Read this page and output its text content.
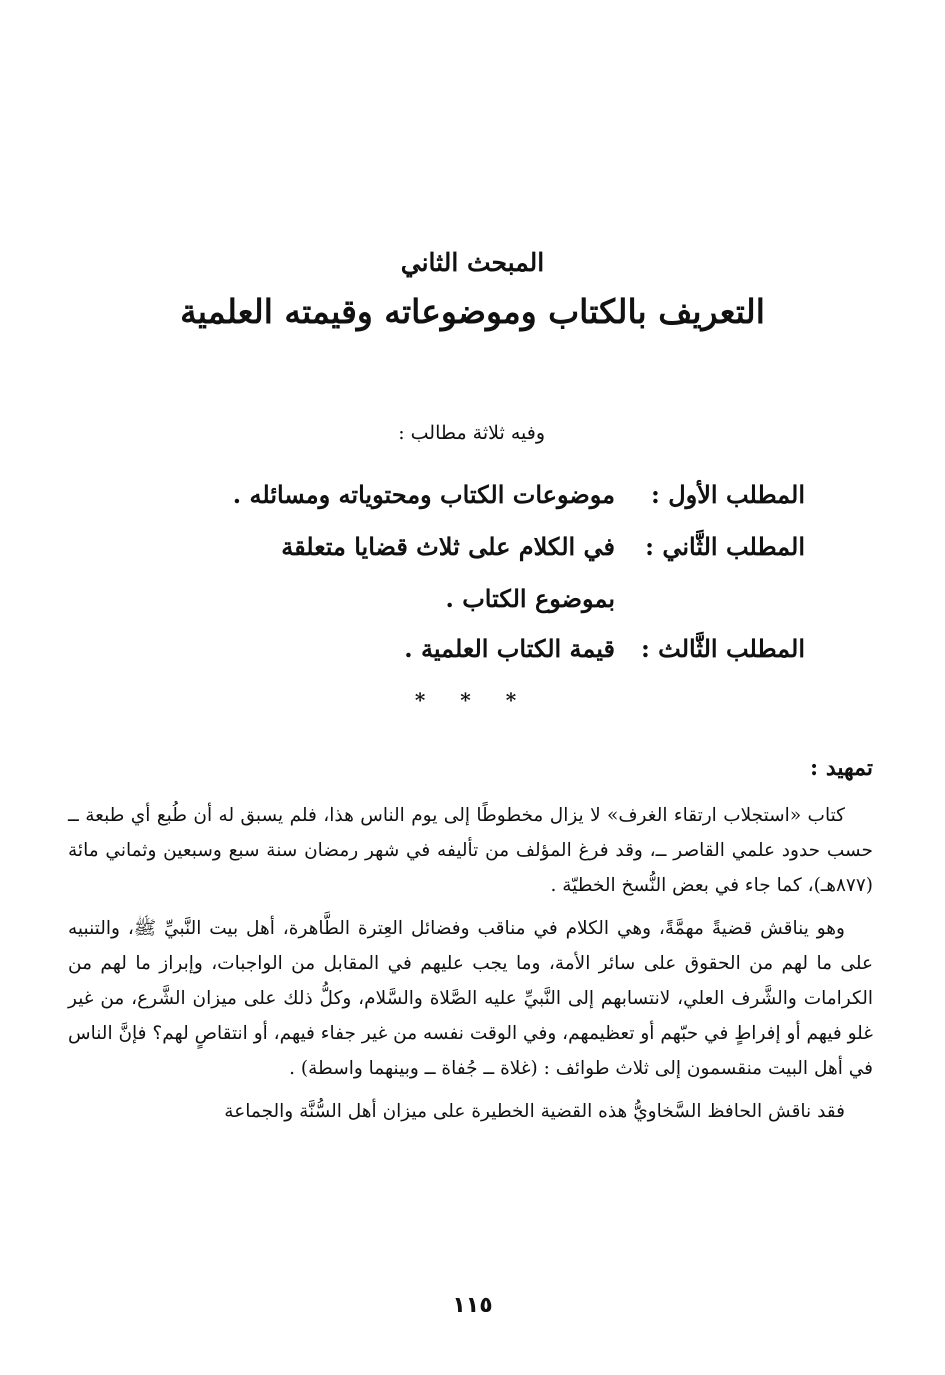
المبحث الثاني
التعريف بالكتاب وموضوعاته وقيمته العلمية
وفيه ثلاثة مطالب :
المطلب الأول :
موضوعات الكتاب ومحتوياته ومسائله .
المطلب الثَّاني :
في الكلام على ثلاث قضايا متعلقة
بموضوع الكتاب .
المطلب الثَّالث :
قيمة الكتاب العلمية .
* * *
تمهيد :

كتاب «استجلاب ارتقاء الغرف» لا يزال مخطوطًا إلى يوم الناس هذا، فلم يسبق له أن طُبع أي طبعة ــ حسب حدود علمي القاصر ــ، وقد فرغ المؤلف من تأليفه في شهر رمضان سنة سبع وسبعين وثماني مائة (٨٧٧هـ)، كما جاء في بعض النُّسخ الخطيّة .

وهو يناقش قضيةً مهمَّةً، وهي الكلام في مناقب وفضائل العِترة الطَّاهرة، أهل بيت النَّبيِّ ﷺ، والتنبيه على ما لهم من الحقوق على سائر الأمة، وما يجب عليهم في المقابل من الواجبات، وإبراز ما لهم من الكرامات والشَّرف العلي، لانتسابهم إلى النَّبيِّ عليه الصَّلاة والسَّلام، وكلُّ ذلك على ميزان الشَّرع، من غير غلو فيهم أو إفراطٍ في حبّهم أو تعظيمهم، وفي الوقت نفسه من غير جفاء فيهم، أو انتقاصٍ لهم؟ فإنَّ الناس في أهل البيت منقسمون إلى ثلاث طوائف : (غلاة ــ جُفاة ــ وبينهما واسطة) .

فقد ناقش الحافظ السَّخاويُّ هذه القضية الخطيرة على ميزان أهل السُّنَّة والجماعة

١١٥
